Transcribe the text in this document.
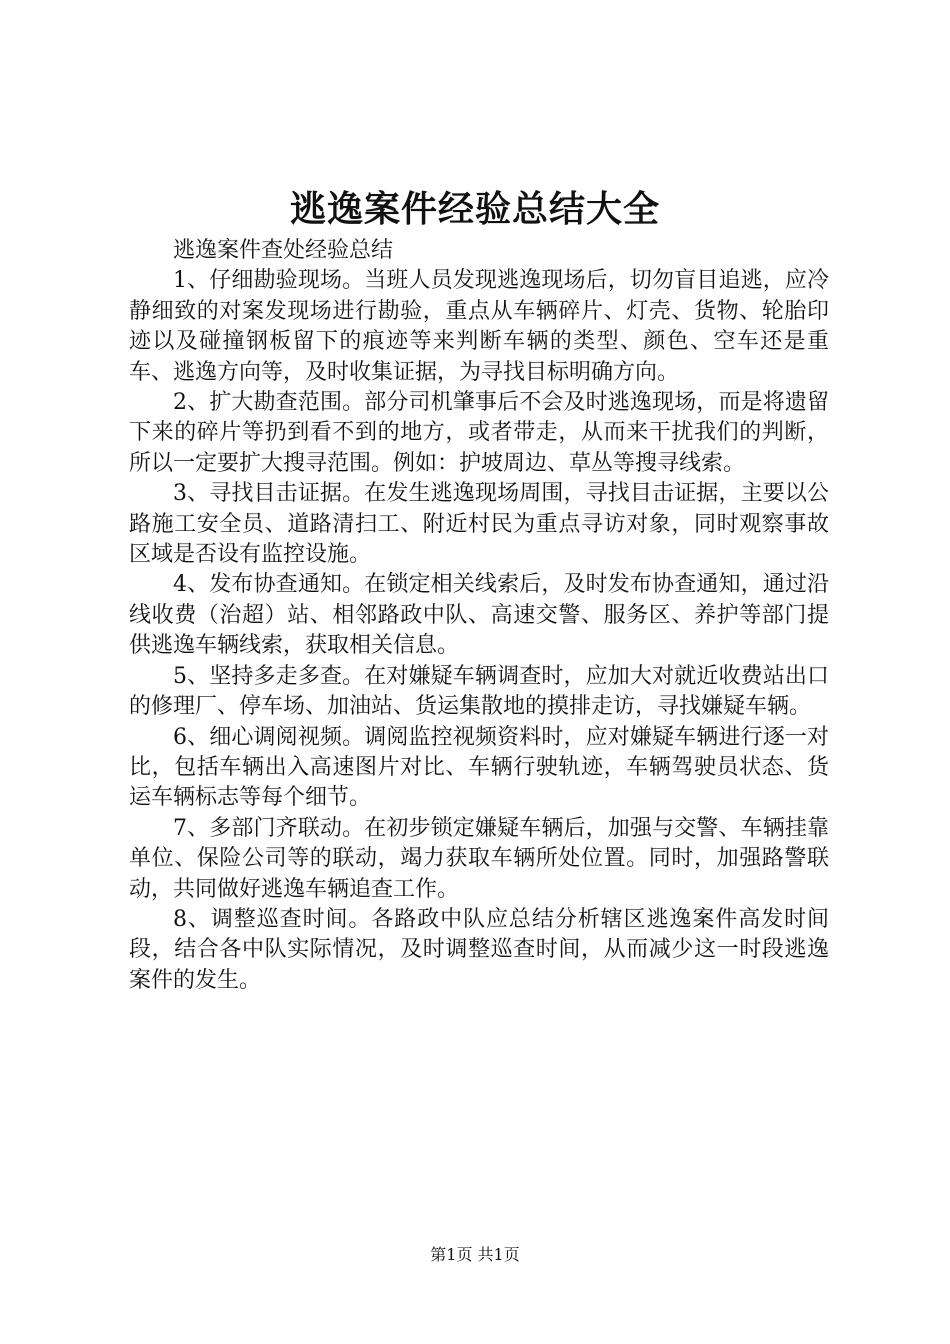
逃逸案件经验总结大全

逃逸案件查处经验总结

1、仔细勘验现场。当班人员发现逃逸现场后，切勿盲目追逃，应冷静细致的对案发现场进行勘验，重点从车辆碎片、灯壳、货物、轮胎印迹以及碰撞钢板留下的痕迹等来判断车辆的类型、颜色、空车还是重车、逃逸方向等，及时收集证据，为寻找目标明确方向。

2、扩大勘查范围。部分司机肇事后不会及时逃逸现场，而是将遗留下来的碎片等扔到看不到的地方，或者带走，从而来干扰我们的判断，所以一定要扩大搜寻范围。例如：护坡周边、草丛等搜寻线索。

3、寻找目击证据。在发生逃逸现场周围，寻找目击证据，主要以公路施工安全员、道路清扫工、附近村民为重点寻访对象，同时观察事故区域是否设有监控设施。

4、发布协查通知。在锁定相关线索后，及时发布协查通知，通过沿线收费（治超）站、相邻路政中队、高速交警、服务区、养护等部门提供逃逸车辆线索，获取相关信息。

5、坚持多走多查。在对嫌疑车辆调查时，应加大对就近收费站出口的修理厂、停车场、加油站、货运集散地的摸排走访，寻找嫌疑车辆。

6、细心调阅视频。调阅监控视频资料时，应对嫌疑车辆进行逐一对比，包括车辆出入高速图片对比、车辆行驶轨迹，车辆驾驶员状态、货运车辆标志等每个细节。

7、多部门齐联动。在初步锁定嫌疑车辆后，加强与交警、车辆挂靠单位、保险公司等的联动，竭力获取车辆所处位置。同时，加强路警联动，共同做好逃逸车辆追查工作。

8、调整巡查时间。各路政中队应总结分析辖区逃逸案件高发时间段，结合各中队实际情况，及时调整巡查时间，从而减少这一时段逃逸案件的发生。

第1页 共1页
